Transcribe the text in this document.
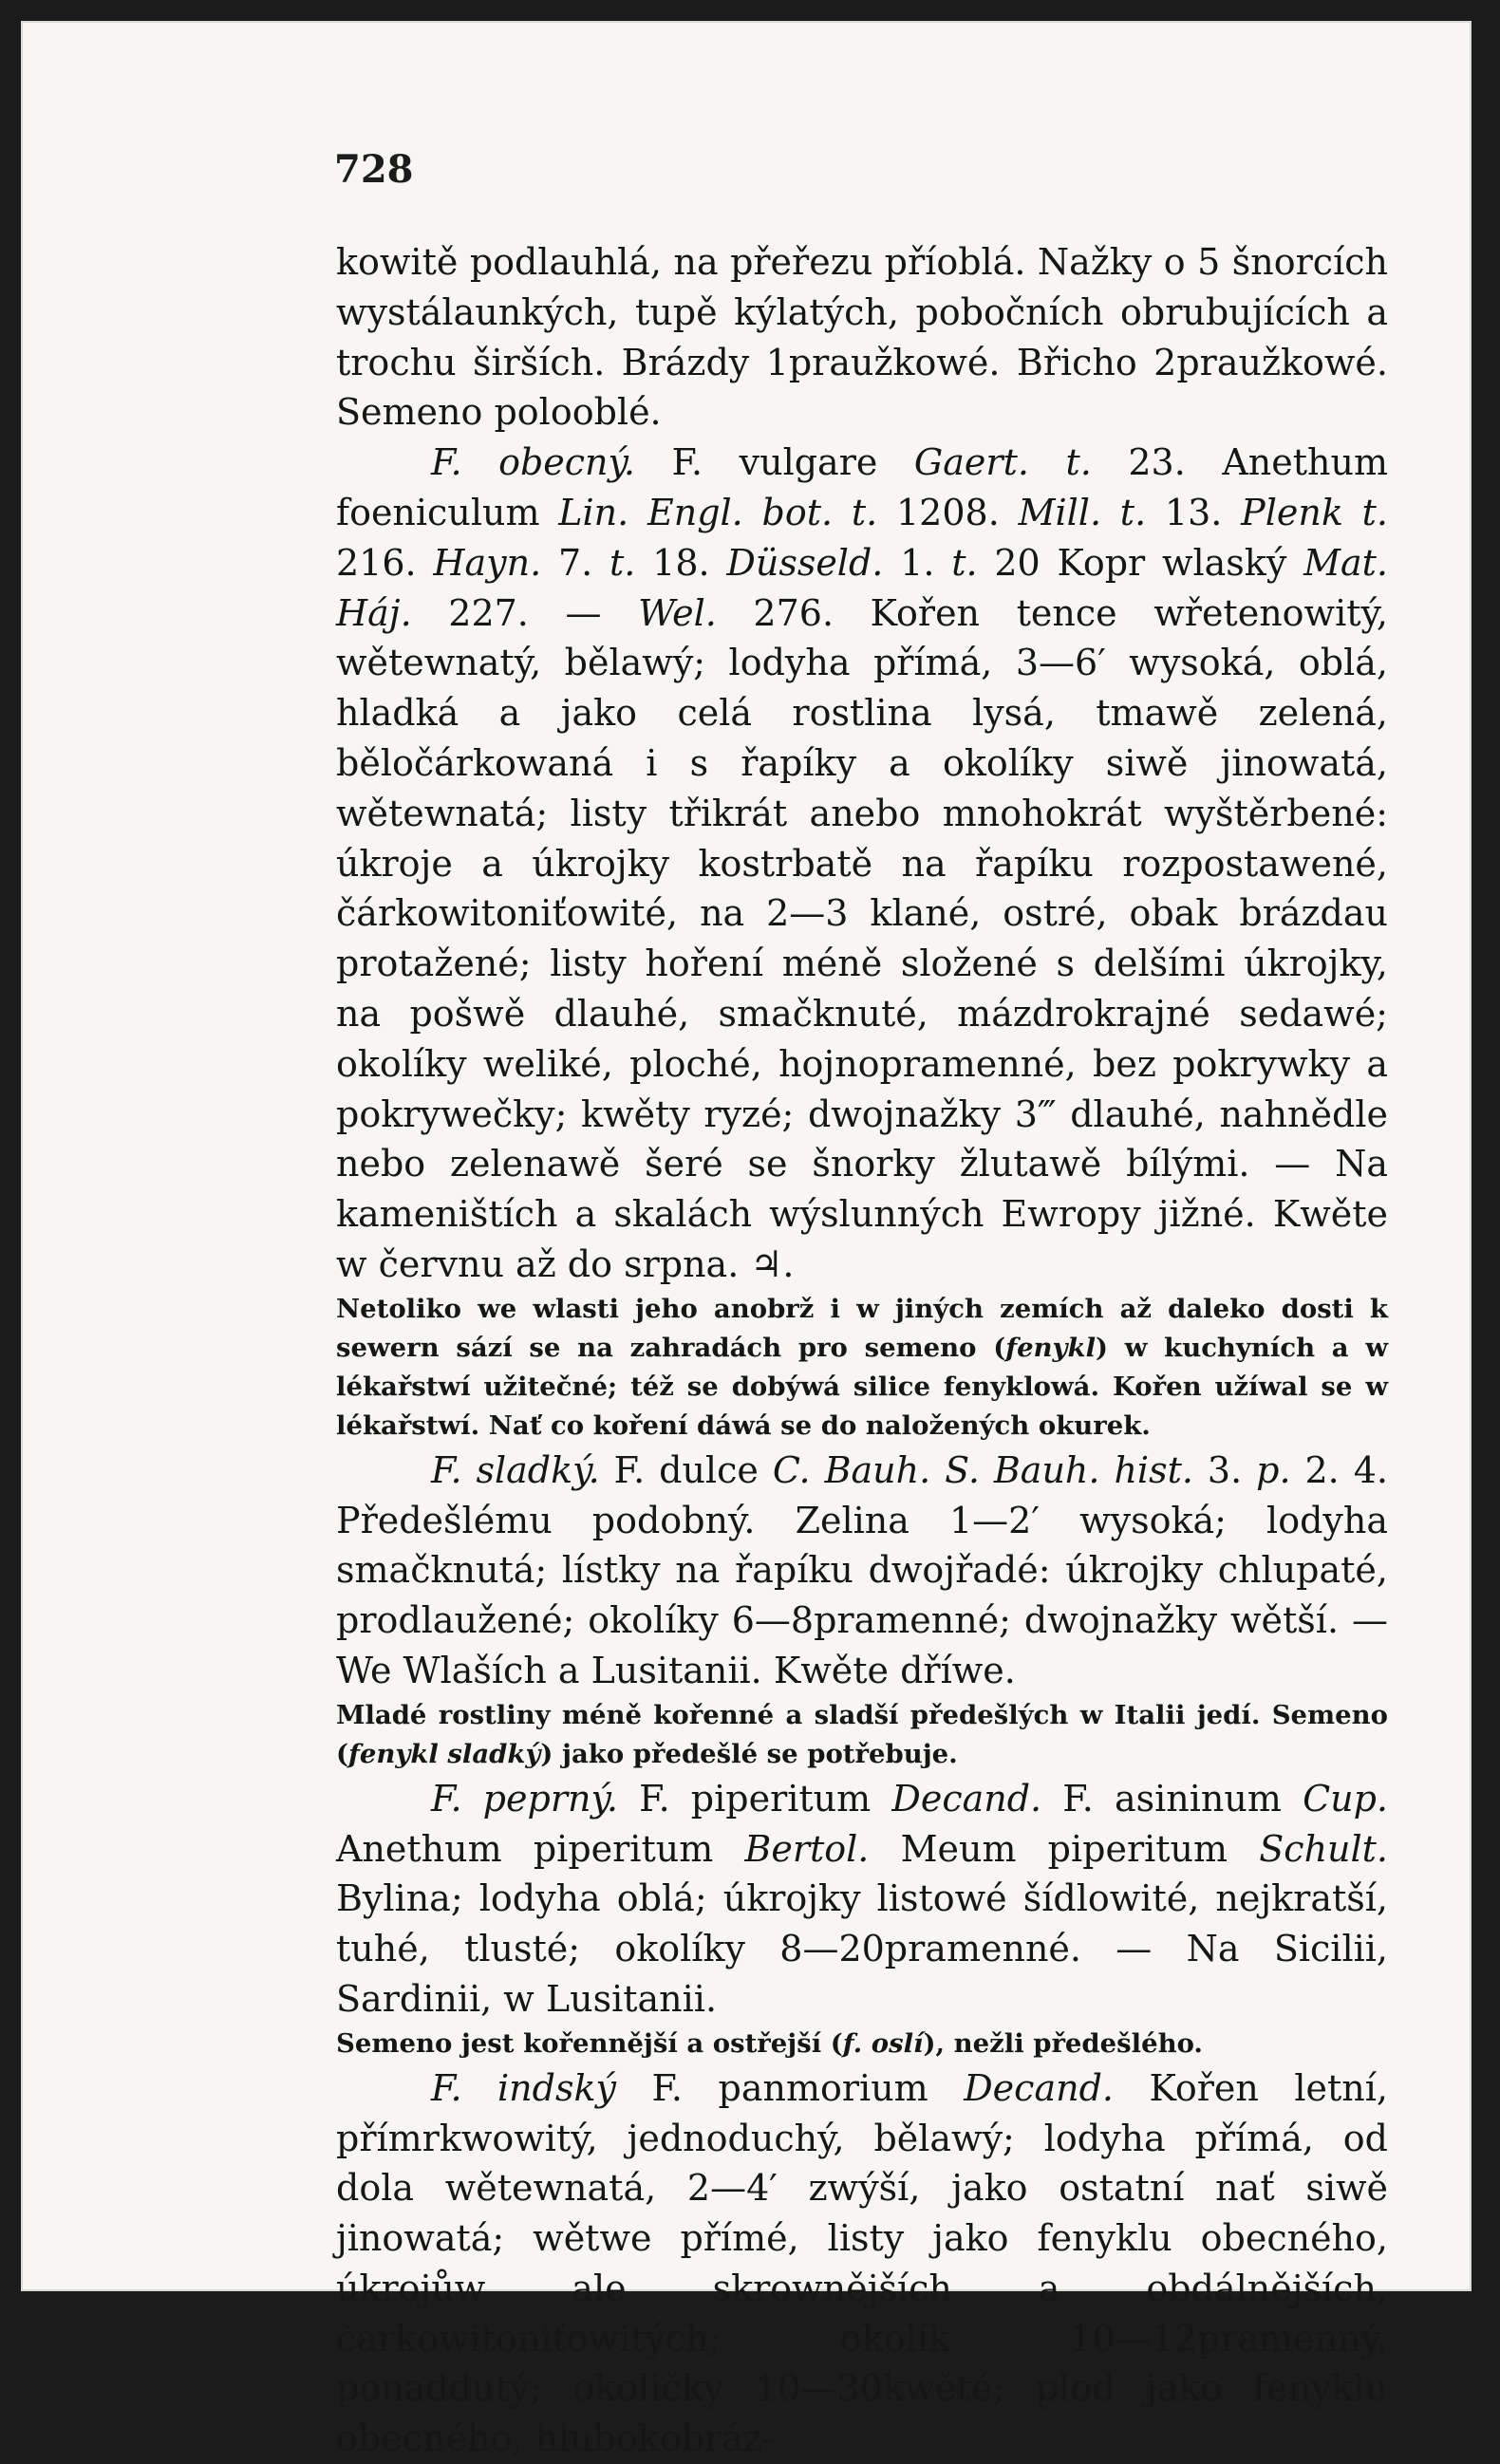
728

kowitě podlauhlá, na přeřezu příoblá. Nažky o 5 šnorcích wystálaunkých, tupě kýlatých, pobočních obrubujících a trochu širších. Brázdy 1praužkowé. Břicho 2praužkowé. Semeno polooblé.

F. obecný. F. vulgare Gaert. t. 23. Anethum foeniculum Lin. Engl. bot. t. 1208. Mill. t. 13. Plenk t. 216. Hayn. 7. t. 18. Düsseld. 1. t. 20 Kopr wlaský Mat. Háj. 227. — Wel. 276. Kořen tence wřetenowitý, wětewnatý, bělawý; lodyha přímá, 3—6′ wysoká, oblá, hladká a jako celá rostlina lysá, tmawě zelená, běločárkowaná i s řapíky a okolíky siwě jinowatá, wětewnatá; listy třikrát anebo mnohokrát wyštěrbené: úkroje a úkrojky kostrbatě na řapíku rozpostawené, čárkowitoniťowité, na 2—3 klané, ostré, obak brázdau protažené; listy hoření méně složené s delšími úkrojky, na pošwě dlauhé, smačknuté, mázdrokrajné sedawé; okolíky weliké, ploché, hojnopramenné, bez pokrywky a pokrywečky; kwěty ryzé; dwojnažky 3‴ dlauhé, nahnědle nebo zelenawě šeré se šnorky žlutawě bílými. — Na kameništích a skalách wýslunných Ewropy jižné. Kwěte w červnu až do srpna. ♃.

Netoliko we wlasti jeho anobrž i w jiných zemích až daleko dosti k sewern sází se na zahradách pro semeno (fenykl) w kuchyních a w lékařstwí užitečné; též se dobýwá silice fenyklowá. Kořen užíwal se w lékařstwí. Nať co koření dáwá se do naložených okurek.

F. sladký. F. dulce C. Bauh. S. Bauh. hist. 3. p. 2. 4. Předešlému podobný. Zelina 1—2′ wysoká; lodyha smačknutá; lístky na řapíku dwojřadé: úkrojky chlupaté, prodlaužené; okolíky 6—8pramenné; dwojnažky wětší. — We Wlaších a Lusitanii. Kwěte dříwe.

Mladé rostliny méně kořenné a sladší předešlých w Italii jedí. Semeno (fenykl sladký) jako předešlé se potřebuje.

F. peprný. F. piperitum Decand. F. asininum Cup. Anethum piperitum Bertol. Meum piperitum Schult. Bylina; lodyha oblá; úkrojky listowé šídlowité, nejkratší, tuhé, tlusté; okolíky 8—20pramenné. — Na Sicilii, Sardinii, w Lusitanii.

Semeno jest kořennější a ostřejší (f. oslí), nežli předešlého.

F. indský F. panmorium Decand. Kořen letní, přímrkwowitý, jednoduchý, bělawý; lodyha přímá, od dola wětewnatá, 2—4′ zwýší, jako ostatní nať siwě jinowatá; wětwe přímé, listy jako fenyklu obecného, úkrojůw ale skrownějších a obdálnějších, čarkowitoniťowitých; okolík 10—12pramenný, ponaddutý; okoličky 10—30kwěté; plod jako fenyklu obecného, hlubokobráz-
